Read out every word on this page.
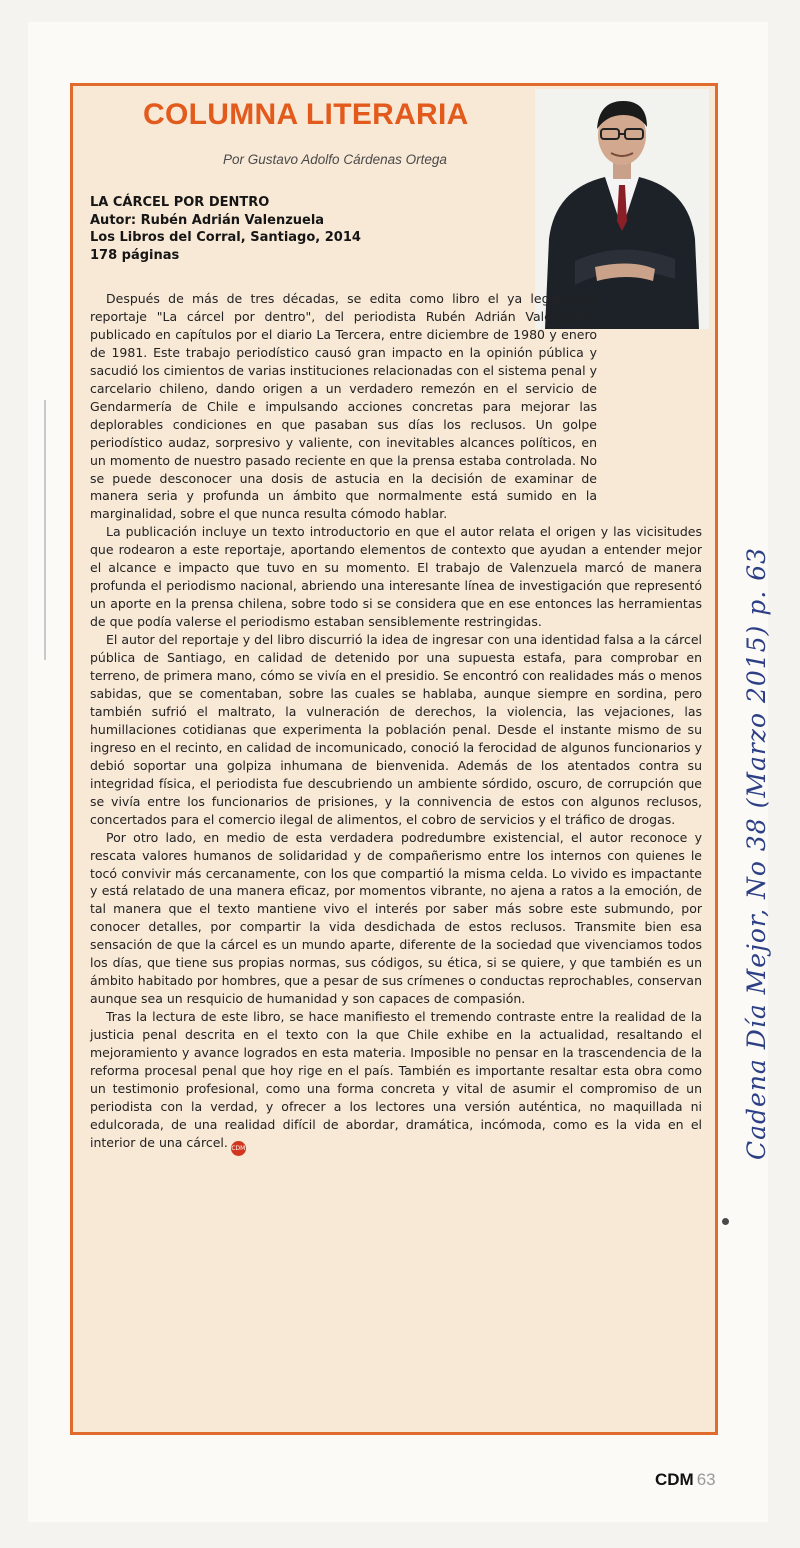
COLUMNA LITERARIA
Por Gustavo Adolfo Cárdenas Ortega
LA CÁRCEL POR DENTRO
Autor: Rubén Adrián Valenzuela
Los Libros del Corral, Santiago, 2014
178 páginas

Después de más de tres décadas, se edita como libro el ya legendario reportaje "La cárcel por dentro", del periodista Rubén Adrián Valenzuela, publicado en capítulos por el diario La Tercera, entre diciembre de 1980 y enero de 1981. Este trabajo periodístico causó gran impacto en la opinión pública y sacudió los cimientos de varias instituciones relacionadas con el sistema penal y carcelario chileno, dando origen a un verdadero remezón en el servicio de Gendarmería de Chile e impulsando acciones concretas para mejorar las deplorables condiciones en que pasaban sus días los reclusos. Un golpe periodístico audaz, sorpresivo y valiente, con inevitables alcances políticos, en un momento de nuestro pasado reciente en que la prensa estaba controlada. No se puede desconocer una dosis de astucia en la decisión de examinar de manera seria y profunda un ámbito que normalmente está sumido en la marginalidad, sobre el que nunca resulta cómodo hablar.

La publicación incluye un texto introductorio en que el autor relata el origen y las vicisitudes que rodearon a este reportaje, aportando elementos de contexto que ayudan a entender mejor el alcance e impacto que tuvo en su momento. El trabajo de Valenzuela marcó de manera profunda el periodismo nacional, abriendo una interesante línea de investigación que representó un aporte en la prensa chilena, sobre todo si se considera que en ese entonces las herramientas de que podía valerse el periodismo estaban sensiblemente restringidas.

El autor del reportaje y del libro discurrió la idea de ingresar con una identidad falsa a la cárcel pública de Santiago, en calidad de detenido por una supuesta estafa, para comprobar en terreno, de primera mano, cómo se vivía en el presidio. Se encontró con realidades más o menos sabidas, que se comentaban, sobre las cuales se hablaba, aunque siempre en sordina, pero también sufrió el maltrato, la vulneración de derechos, la violencia, las vejaciones, las humillaciones cotidianas que experimenta la población penal. Desde el instante mismo de su ingreso en el recinto, en calidad de incomunicado, conoció la ferocidad de algunos funcionarios y debió soportar una golpiza inhumana de bienvenida. Además de los atentados contra su integridad física, el periodista fue descubriendo un ambiente sórdido, oscuro, de corrupción que se vivía entre los funcionarios de prisiones, y la connivencia de estos con algunos reclusos, concertados para el comercio ilegal de alimentos, el cobro de servicios y el tráfico de drogas.

Por otro lado, en medio de esta verdadera podredumbre existencial, el autor reconoce y rescata valores humanos de solidaridad y de compañerismo entre los internos con quienes le tocó convivir más cercanamente, con los que compartió la misma celda. Lo vivido es impactante y está relatado de una manera eficaz, por momentos vibrante, no ajena a ratos a la emoción, de tal manera que el texto mantiene vivo el interés por saber más sobre este submundo, por conocer detalles, por compartir la vida desdichada de estos reclusos. Transmite bien esa sensación de que la cárcel es un mundo aparte, diferente de la sociedad que vivenciamos todos los días, que tiene sus propias normas, sus códigos, su ética, si se quiere, y que también es un ámbito habitado por hombres, que a pesar de sus crímenes o conductas reprochables, conservan aunque sea un resquicio de humanidad y son capaces de compasión.

Tras la lectura de este libro, se hace manifiesto el tremendo contraste entre la realidad de la justicia penal descrita en el texto con la que Chile exhibe en la actualidad, resaltando el mejoramiento y avance logrados en esta materia. Imposible no pensar en la trascendencia de la reforma procesal penal que hoy rige en el país. También es importante resaltar esta obra como un testimonio profesional, como una forma concreta y vital de asumir el compromiso de un periodista con la verdad, y ofrecer a los lectores una versión auténtica, no maquillada ni edulcorada, de una realidad difícil de abordar, dramática, incómoda, como es la vida en el interior de una cárcel. CDM	Cadena Día Mejor, No 38 (Marzo 2015) p. 63
CDM 63
